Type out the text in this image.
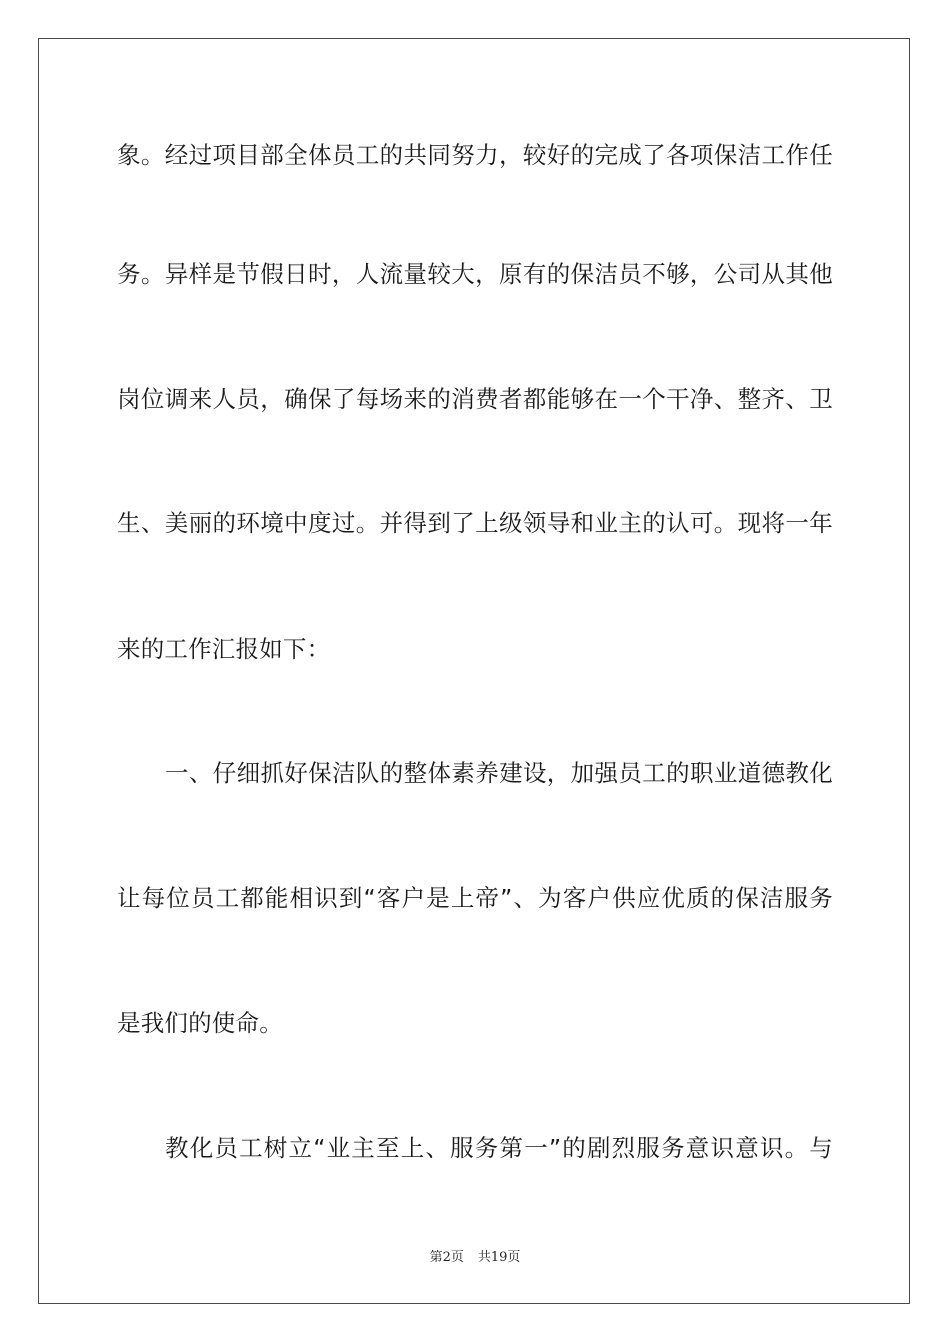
象。经过项目部全体员工的共同努力，较好的完成了各项保洁工作任
务。异样是节假日时，人流量较大，原有的保洁员不够，公司从其他
岗位调来人员，确保了每场来的消费者都能够在一个干净、整齐、卫
生、美丽的环境中度过。并得到了上级领导和业主的认可。现将一年
来的工作汇报如下：
一、仔细抓好保洁队的整体素养建设，加强员工的职业道德教化
让每位员工都能相识到“客户是上帝”、为客户供应优质的保洁服务
是我们的使命。
教化员工树立“业主至上、服务第一”的剧烈服务意识意识。与
第2页 共19页
